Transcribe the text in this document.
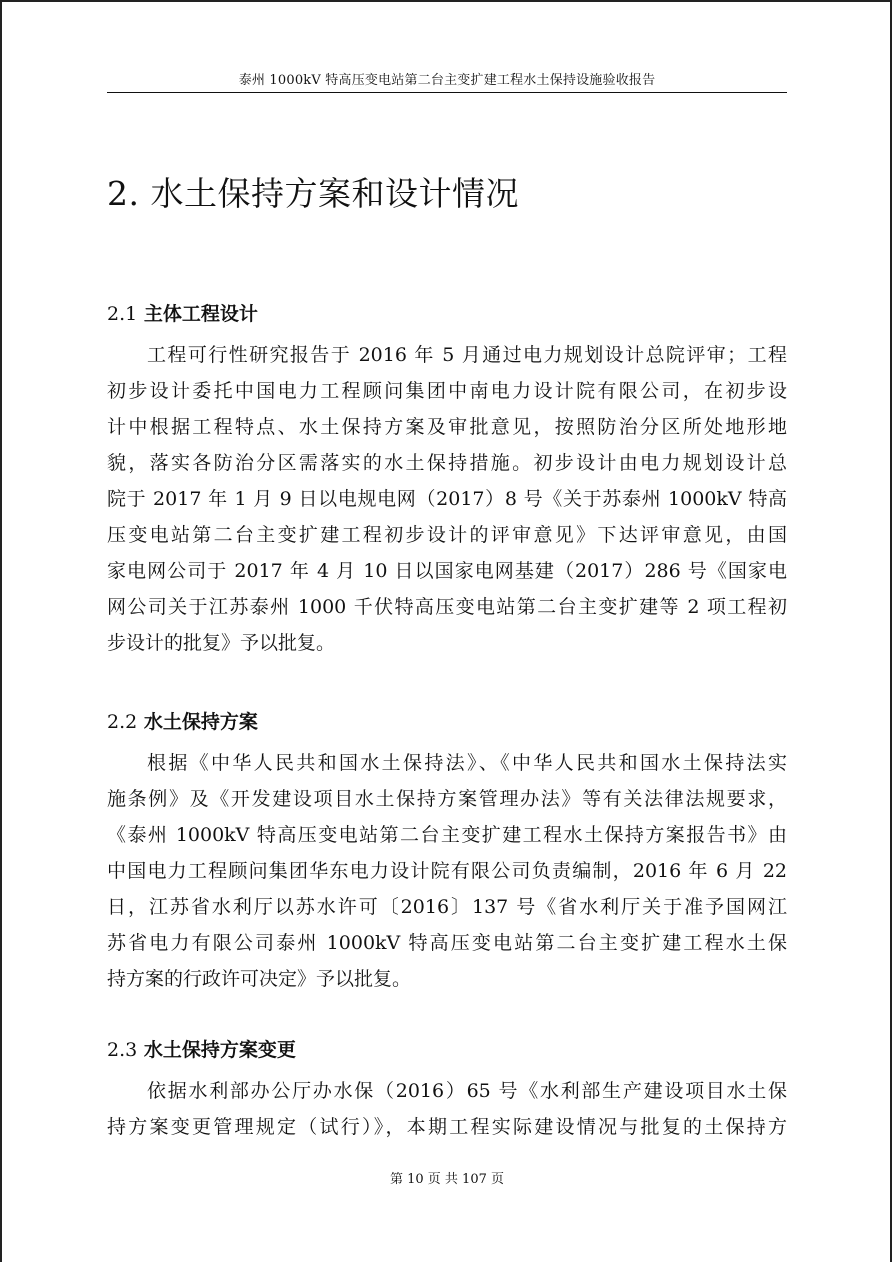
泰州 1000kV 特高压变电站第二台主变扩建工程水土保持设施验收报告
2. 水土保持方案和设计情况
2.1 主体工程设计
工程可行性研究报告于 2016 年 5 月通过电力规划设计总院评审；工程
初步设计委托中国电力工程顾问集团中南电力设计院有限公司，在初步设
计中根据工程特点、水土保持方案及审批意见，按照防治分区所处地形地
貌，落实各防治分区需落实的水土保持措施。初步设计由电力规划设计总
院于 2017 年 1 月 9 日以电规电网（2017）8 号《关于苏泰州 1000kV 特高
压变电站第二台主变扩建工程初步设计的评审意见》下达评审意见，由国
家电网公司于 2017 年 4 月 10 日以国家电网基建（2017）286 号《国家电
网公司关于江苏泰州 1000 千伏特高压变电站第二台主变扩建等 2 项工程初
步设计的批复》予以批复。
2.2 水土保持方案
根据《中华人民共和国水土保持法》、《中华人民共和国水土保持法实
施条例》及《开发建设项目水土保持方案管理办法》等有关法律法规要求，
《泰州 1000kV 特高压变电站第二台主变扩建工程水土保持方案报告书》由
中国电力工程顾问集团华东电力设计院有限公司负责编制，2016 年 6 月 22
日，江苏省水利厅以苏水许可〔2016〕137 号《省水利厅关于准予国网江
苏省电力有限公司泰州 1000kV 特高压变电站第二台主变扩建工程水土保
持方案的行政许可决定》予以批复。
2.3 水土保持方案变更
依据水利部办公厅办水保（2016）65 号《水利部生产建设项目水土保
持方案变更管理规定（试行）》，本期工程实际建设情况与批复的土保持方
第 10 页 共 107 页
